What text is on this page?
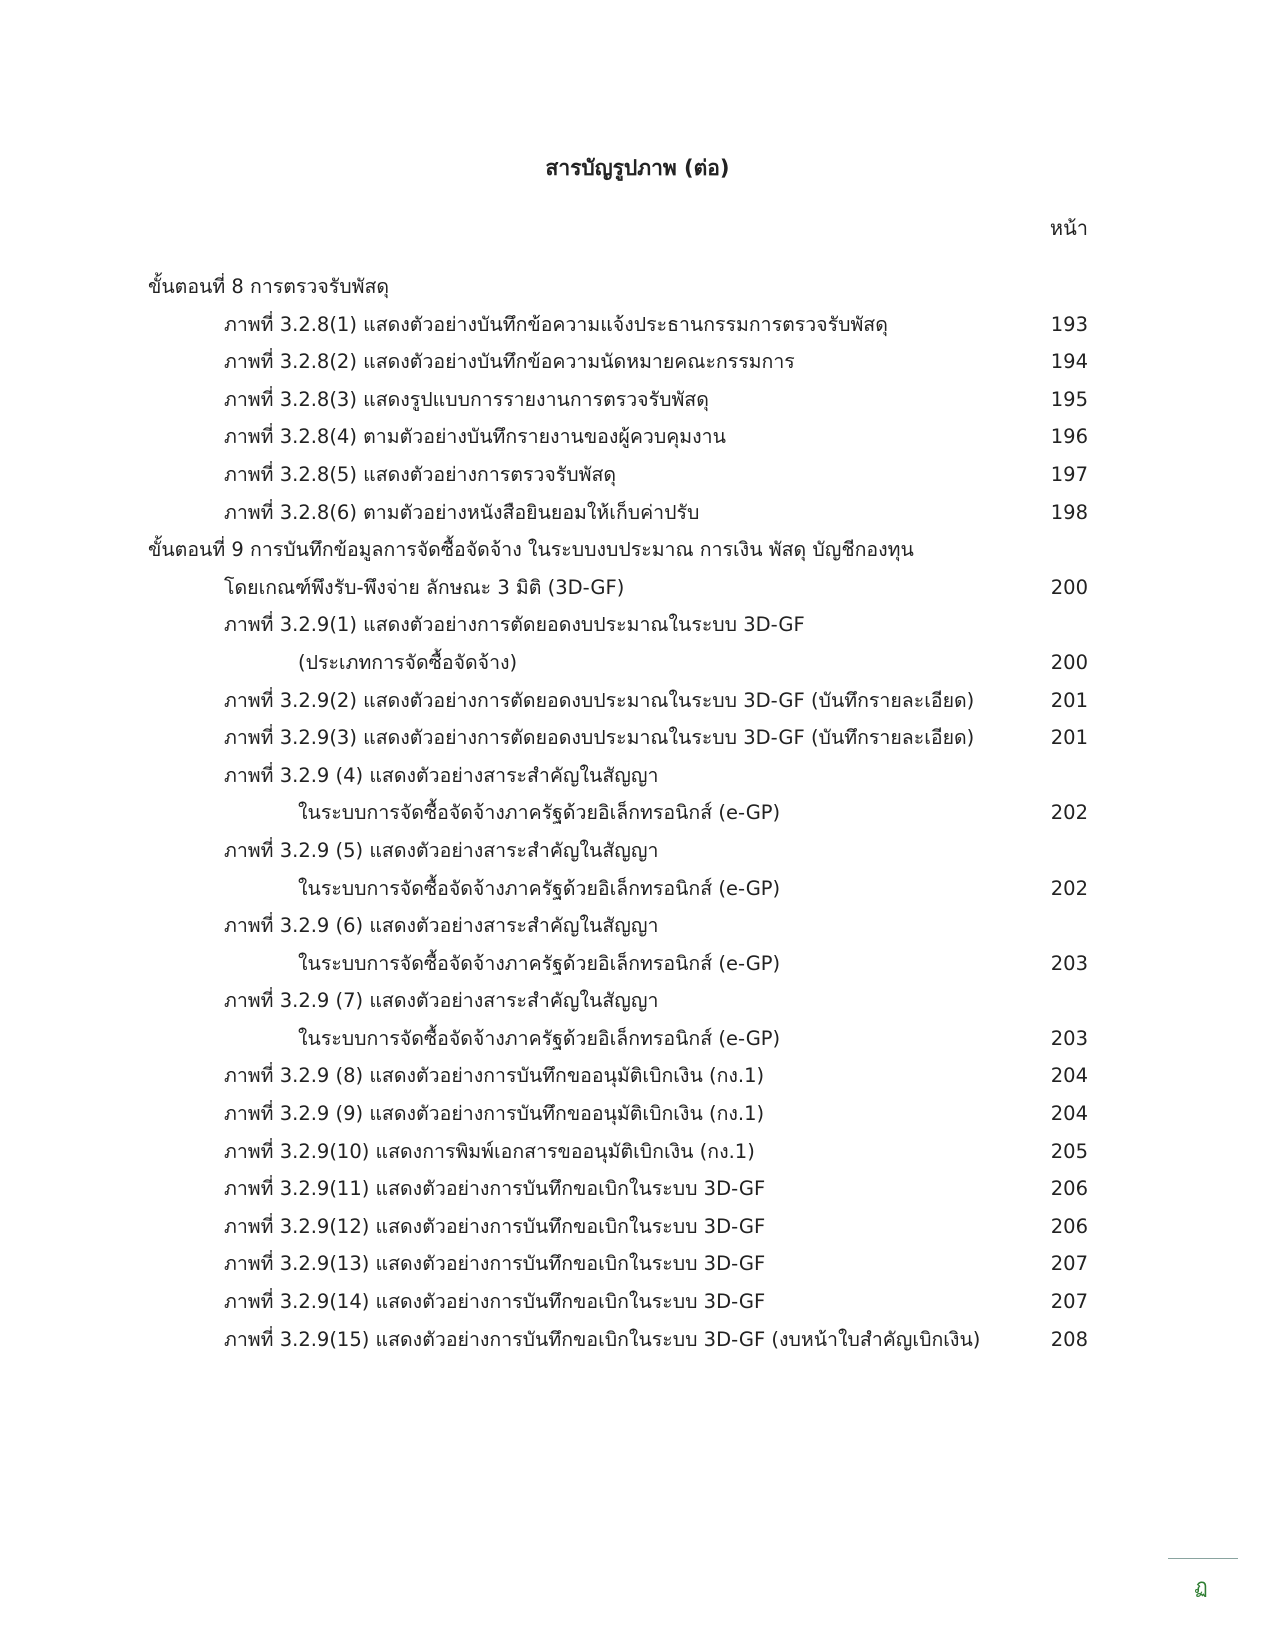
สารบัญรูปภาพ (ต่อ)
หน้า
ขั้นตอนที่ 8 การตรวจรับพัสดุ
ภาพที่ 3.2.8(1) แสดงตัวอย่างบันทึกข้อความแจ้งประธานกรรมการตรวจรับพัสดุ	193
ภาพที่ 3.2.8(2) แสดงตัวอย่างบันทึกข้อความนัดหมายคณะกรรมการ	194
ภาพที่ 3.2.8(3) แสดงรูปแบบการรายงานการตรวจรับพัสดุ	195
ภาพที่ 3.2.8(4) ตามตัวอย่างบันทึกรายงานของผู้ควบคุมงาน	196
ภาพที่ 3.2.8(5) แสดงตัวอย่างการตรวจรับพัสดุ	197
ภาพที่ 3.2.8(6) ตามตัวอย่างหนังสือยินยอมให้เก็บค่าปรับ	198
ขั้นตอนที่ 9 การบันทึกข้อมูลการจัดซื้อจัดจ้าง ในระบบงบประมาณ การเงิน พัสดุ บัญชีกองทุน
โดยเกณฑ์พึงรับ-พึงจ่าย ลักษณะ 3 มิติ (3D-GF)	200
ภาพที่ 3.2.9(1) แสดงตัวอย่างการตัดยอดงบประมาณในระบบ 3D-GF
(ประเภทการจัดซื้อจัดจ้าง)	200
ภาพที่ 3.2.9(2) แสดงตัวอย่างการตัดยอดงบประมาณในระบบ 3D-GF (บันทึกรายละเอียด)	201
ภาพที่ 3.2.9(3) แสดงตัวอย่างการตัดยอดงบประมาณในระบบ 3D-GF (บันทึกรายละเอียด)	201
ภาพที่ 3.2.9 (4) แสดงตัวอย่างสาระสำคัญในสัญญา
ในระบบการจัดซื้อจัดจ้างภาครัฐด้วยอิเล็กทรอนิกส์ (e-GP)	202
ภาพที่ 3.2.9 (5) แสดงตัวอย่างสาระสำคัญในสัญญา
ในระบบการจัดซื้อจัดจ้างภาครัฐด้วยอิเล็กทรอนิกส์ (e-GP)	202
ภาพที่ 3.2.9 (6) แสดงตัวอย่างสาระสำคัญในสัญญา
ในระบบการจัดซื้อจัดจ้างภาครัฐด้วยอิเล็กทรอนิกส์ (e-GP)	203
ภาพที่ 3.2.9 (7) แสดงตัวอย่างสาระสำคัญในสัญญา
ในระบบการจัดซื้อจัดจ้างภาครัฐด้วยอิเล็กทรอนิกส์ (e-GP)	203
ภาพที่ 3.2.9 (8) แสดงตัวอย่างการบันทึกขออนุมัติเบิกเงิน (กง.1)	204
ภาพที่ 3.2.9 (9) แสดงตัวอย่างการบันทึกขออนุมัติเบิกเงิน (กง.1)	204
ภาพที่ 3.2.9(10) แสดงการพิมพ์เอกสารขออนุมัติเบิกเงิน (กง.1)	205
ภาพที่ 3.2.9(11) แสดงตัวอย่างการบันทึกขอเบิกในระบบ 3D-GF	206
ภาพที่ 3.2.9(12) แสดงตัวอย่างการบันทึกขอเบิกในระบบ 3D-GF	206
ภาพที่ 3.2.9(13) แสดงตัวอย่างการบันทึกขอเบิกในระบบ 3D-GF	207
ภาพที่ 3.2.9(14) แสดงตัวอย่างการบันทึกขอเบิกในระบบ 3D-GF	207
ภาพที่ 3.2.9(15) แสดงตัวอย่างการบันทึกขอเบิกในระบบ 3D-GF (งบหน้าใบสำคัญเบิกเงิน)	208
ฏ
